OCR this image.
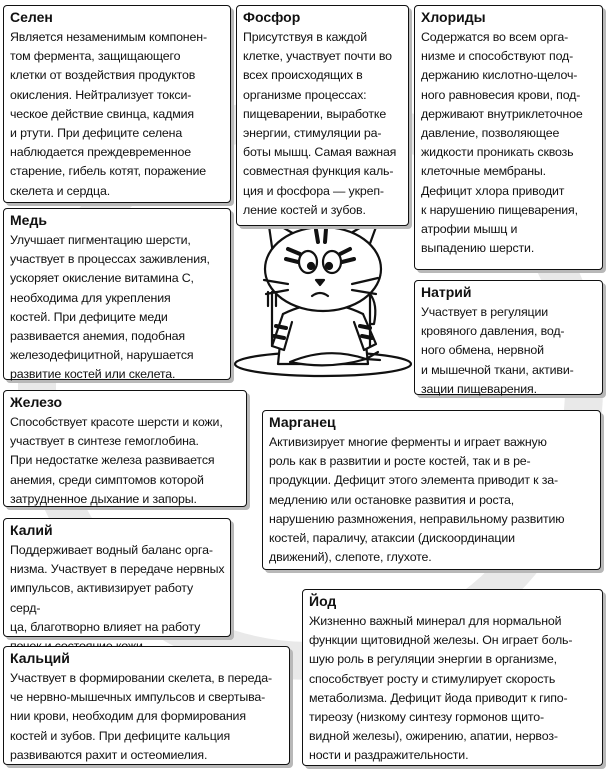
Селен

Является незаменимым компонен-
том фермента, защищающего
клетки от воздействия продуктов
окисления. Нейтрализует токси-
ческое действие свинца, кадмия
и ртути. При дефиците селена
наблюдается преждевременное
старение, гибель котят, поражение
скелета и сердца.

Фосфор

Присутствуя в каждой
клетке, участвует почти во
всех происходящих в
организме процессах:
пищеварении, выработке
энергии, стимуляции ра-
боты мышц. Самая важная
совместная функция каль-
ция и фосфора — укреп-
ление костей и зубов.

Хлориды

Содержатся во всем орга-
низме и способствуют под-
держанию кислотно-щелоч-
ного равновесия крови, под-
держивают внутриклеточное
давление, позволяющее
жидкости проникать сквозь
клеточные мембраны.
Дефицит хлора приводит
к нарушению пищеварения,
атрофии мышц и
выпадению шерсти.

Медь

Улучшает пигментацию шерсти,
участвует в процессах заживления,
ускоряет окисление витамина С,
необходима для укрепления
костей. При дефиците меди
развивается анемия, подобная
железодефицитной, нарушается
развитие костей или скелета.

Натрий

Участвует в регуляции
кровяного давления, вод-
ного обмена, нервной
и мышечной ткани, активи-
зации пищеварения.

Железо

Способствует красоте шерсти и кожи,
участвует в синтезе гемоглобина.
При недостатке железа развивается
анемия, среди симптомов которой
затрудненное дыхание и запоры.

Марганец

Активизирует многие ферменты и играет важную
роль как в развитии и росте костей, так и в ре-
продукции. Дефицит этого элемента приводит к за-
медлению или остановке развития и роста,
нарушению размножения, неправильному развитию
костей, параличу, атаксии (дискоординации
движений), слепоте, глухоте.

Калий

Поддерживает водный баланс орга-
низма. Участвует в передаче нервных
импульсов, активизирует работу серд-
ца, благотворно влияет на работу

Йод

Жизненно важный минерал для нормальной
функции щитовидной железы. Он играет боль-
шую роль в регуляции энергии в организме,
способствует росту и стимулирует скорость
метаболизма. Дефицит йода приводит к гипо-
тиреозу (низкому синтезу гормонов щито-
видной железы), ожирению, апатии, нервоз-
ности и раздражительности.

Кальций

Участвует в формировании скелета, в переда-
че нервно-мышечных импульсов и свертыва-
нии крови, необходим для формирования
костей и зубов. При дефиците кальция
развиваются рахит и остеомиелия.
